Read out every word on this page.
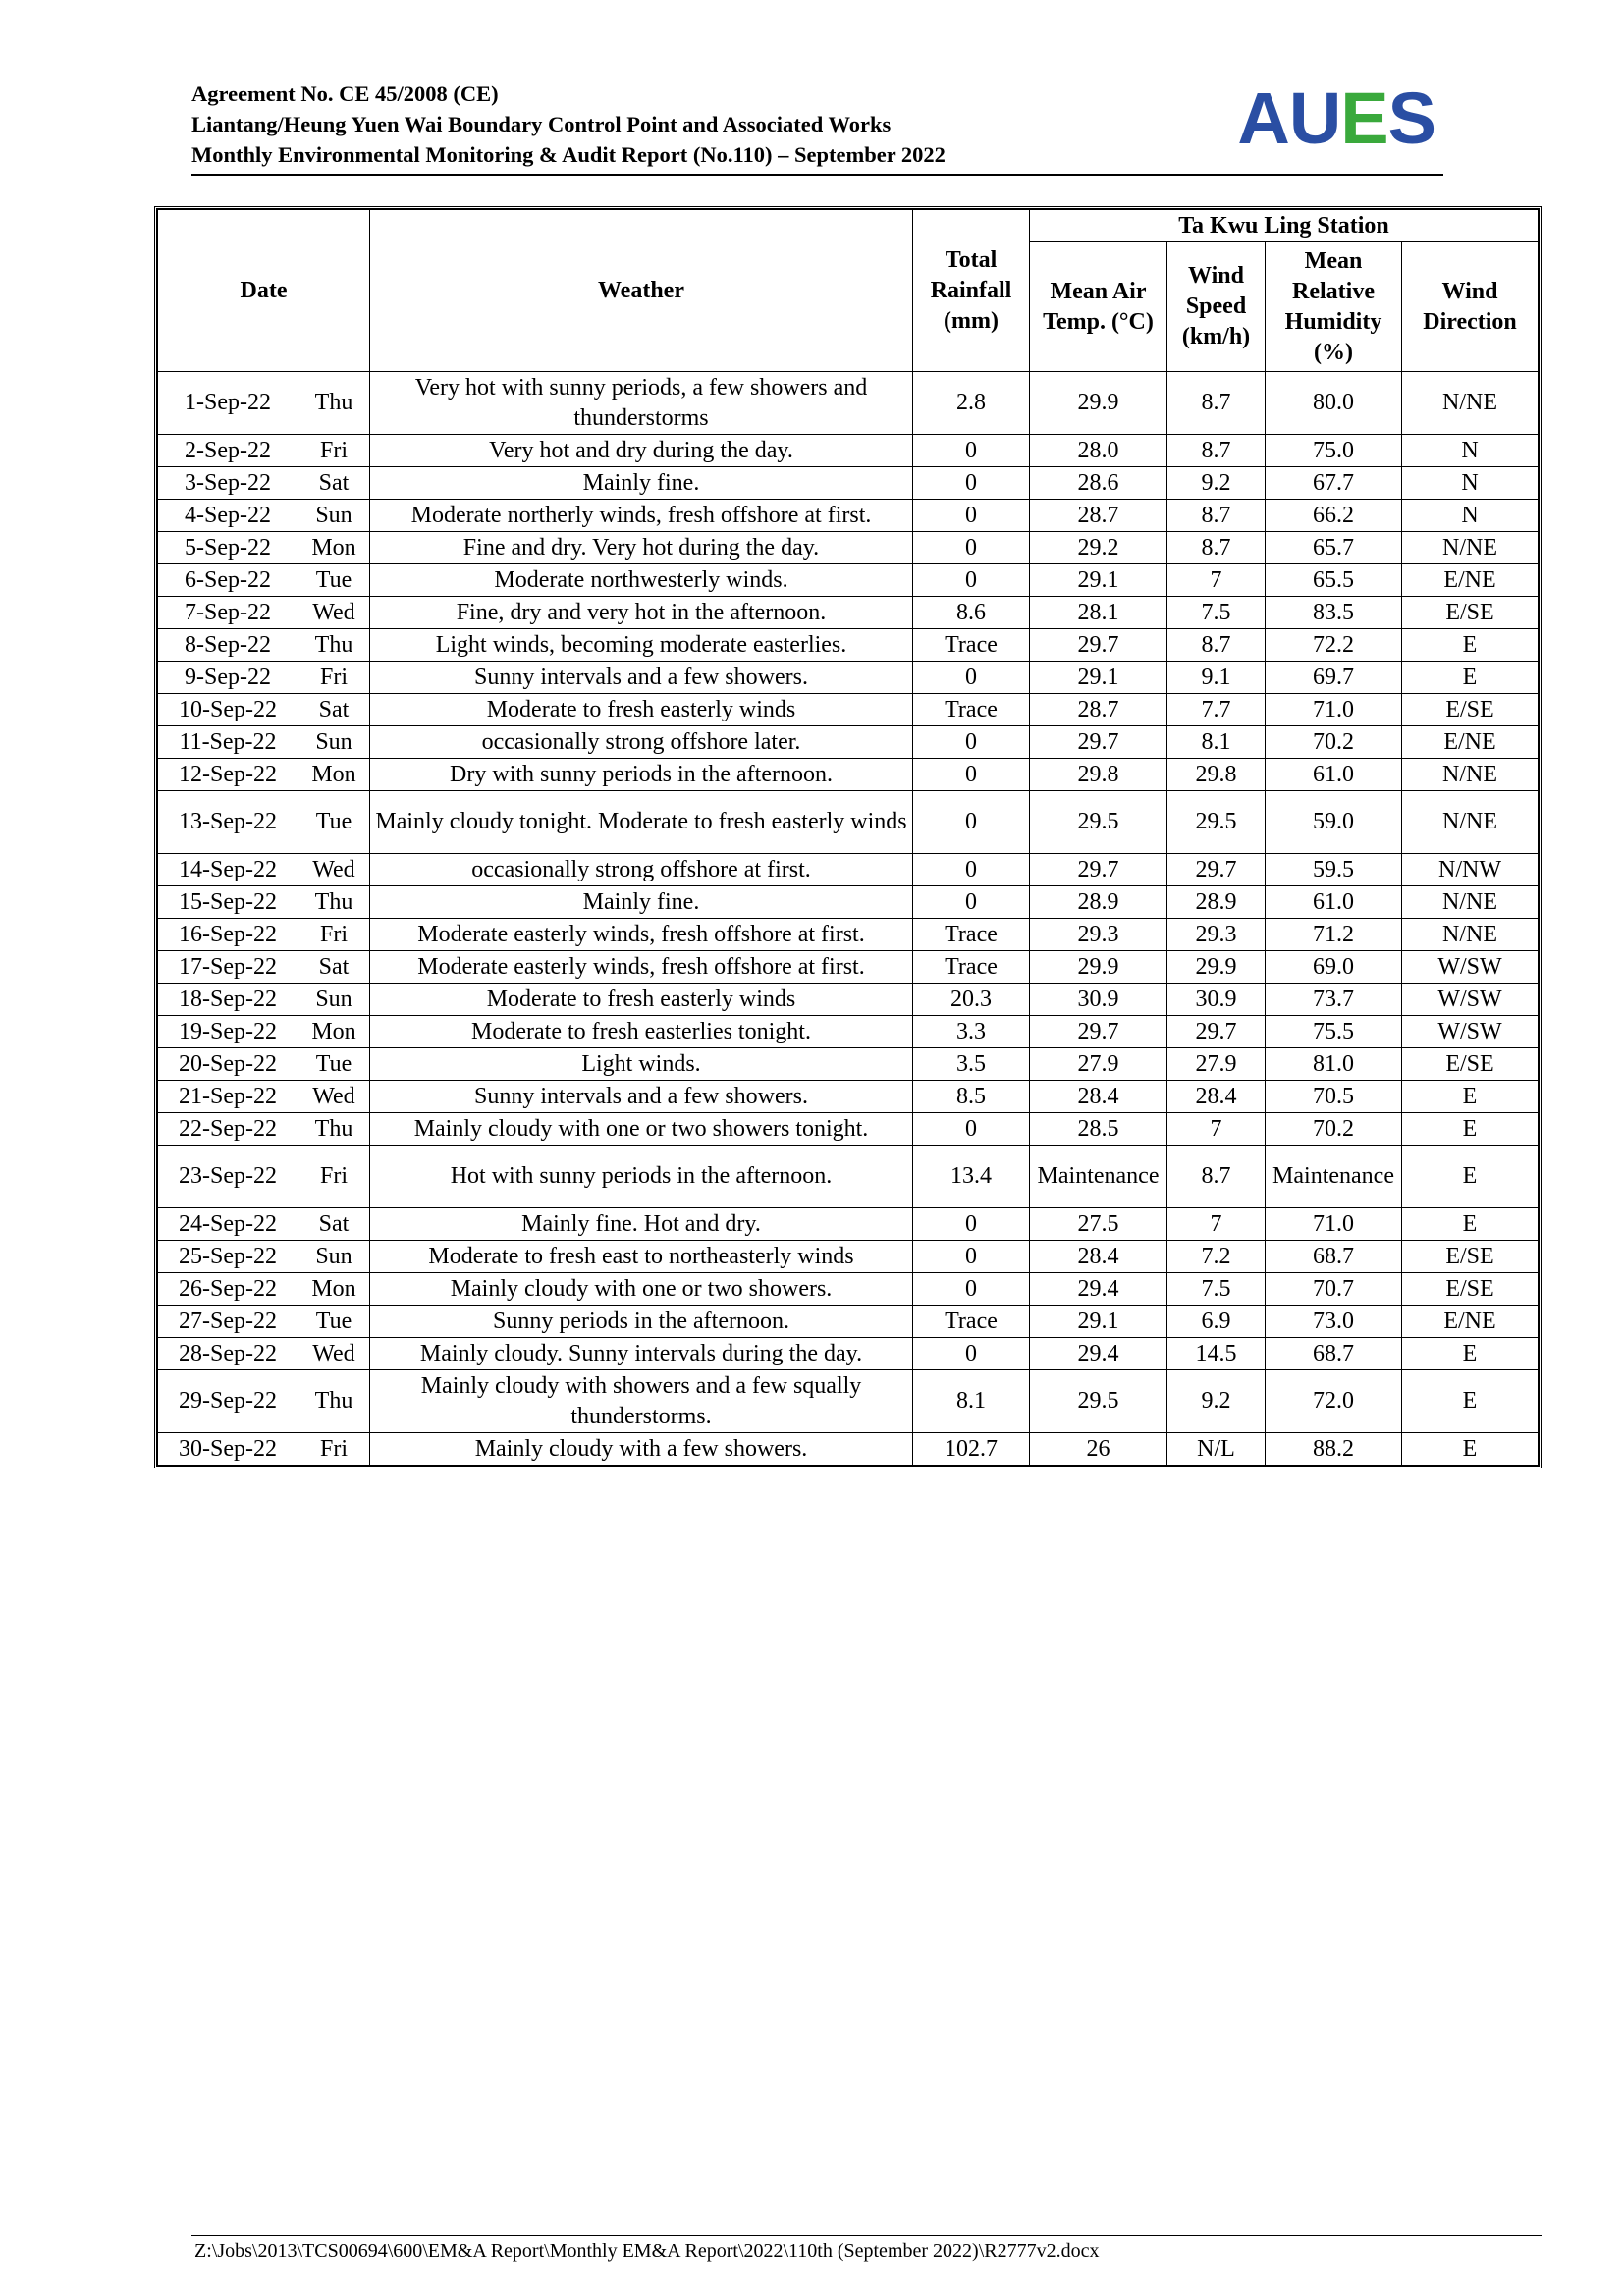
Agreement No. CE 45/2008 (CE)
Liantang/Heung Yuen Wai Boundary Control Point and Associated Works
Monthly Environmental Monitoring & Audit Report (No.110) – September 2022	AUES
Date		Weather	Total Rainfall (mm)	Ta Kwu Ling Station			
				Mean Air Temp. (°C)	Wind Speed (km/h)	Mean Relative Humidity (%)	Wind Direction
1-Sep-22	Thu	Very hot with sunny periods, a few showers and thunderstorms	2.8	29.9	8.7	80.0	N/NE
2-Sep-22	Fri	Very hot and dry during the day.	0	28.0	8.7	75.0	N
3-Sep-22	Sat	Mainly fine.	0	28.6	9.2	67.7	N
4-Sep-22	Sun	Moderate northerly winds, fresh offshore at first.	0	28.7	8.7	66.2	N
5-Sep-22	Mon	Fine and dry. Very hot during the day.	0	29.2	8.7	65.7	N/NE
6-Sep-22	Tue	Moderate northwesterly winds.	0	29.1	7	65.5	E/NE
7-Sep-22	Wed	Fine, dry and very hot in the afternoon.	8.6	28.1	7.5	83.5	E/SE
8-Sep-22	Thu	Light winds, becoming moderate easterlies.	Trace	29.7	8.7	72.2	E
9-Sep-22	Fri	Sunny intervals and a few showers.	0	29.1	9.1	69.7	E
10-Sep-22	Sat	Moderate to fresh easterly winds	Trace	28.7	7.7	71.0	E/SE
11-Sep-22	Sun	occasionally strong offshore later.	0	29.7	8.1	70.2	E/NE
12-Sep-22	Mon	Dry with sunny periods in the afternoon.	0	29.8	29.8	61.0	N/NE
13-Sep-22	Tue	Mainly cloudy tonight. Moderate to fresh easterly winds	0	29.5	29.5	59.0	N/NE
14-Sep-22	Wed	occasionally strong offshore at first.	0	29.7	29.7	59.5	N/NW
15-Sep-22	Thu	Mainly fine.	0	28.9	28.9	61.0	N/NE
16-Sep-22	Fri	Moderate easterly winds, fresh offshore at first.	Trace	29.3	29.3	71.2	N/NE
17-Sep-22	Sat	Moderate easterly winds, fresh offshore at first.	Trace	29.9	29.9	69.0	W/SW
18-Sep-22	Sun	Moderate to fresh easterly winds	20.3	30.9	30.9	73.7	W/SW
19-Sep-22	Mon	Moderate to fresh easterlies tonight.	3.3	29.7	29.7	75.5	W/SW
20-Sep-22	Tue	Light winds.	3.5	27.9	27.9	81.0	E/SE
21-Sep-22	Wed	Sunny intervals and a few showers.	8.5	28.4	28.4	70.5	E
22-Sep-22	Thu	Mainly cloudy with one or two showers tonight.	0	28.5	7	70.2	E
23-Sep-22	Fri	Hot with sunny periods in the afternoon.	13.4	Maintenance	8.7	Maintenance	E
24-Sep-22	Sat	Mainly fine. Hot and dry.	0	27.5	7	71.0	E
25-Sep-22	Sun	Moderate to fresh east to northeasterly winds	0	28.4	7.2	68.7	E/SE
26-Sep-22	Mon	Mainly cloudy with one or two showers.	0	29.4	7.5	70.7	E/SE
27-Sep-22	Tue	Sunny periods in the afternoon.	Trace	29.1	6.9	73.0	E/NE
28-Sep-22	Wed	Mainly cloudy. Sunny intervals during the day.	0	29.4	14.5	68.7	E
29-Sep-22	Thu	Mainly cloudy with showers and a few squally thunderstorms.	8.1	29.5	9.2	72.0	E
30-Sep-22	Fri	Mainly cloudy with a few showers.	102.7	26	N/L	88.2	E
Z:\Jobs\2013\TCS00694\600\EM&A Report\Monthly EM&A Report\2022\110th (September 2022)\R2777v2.docx
